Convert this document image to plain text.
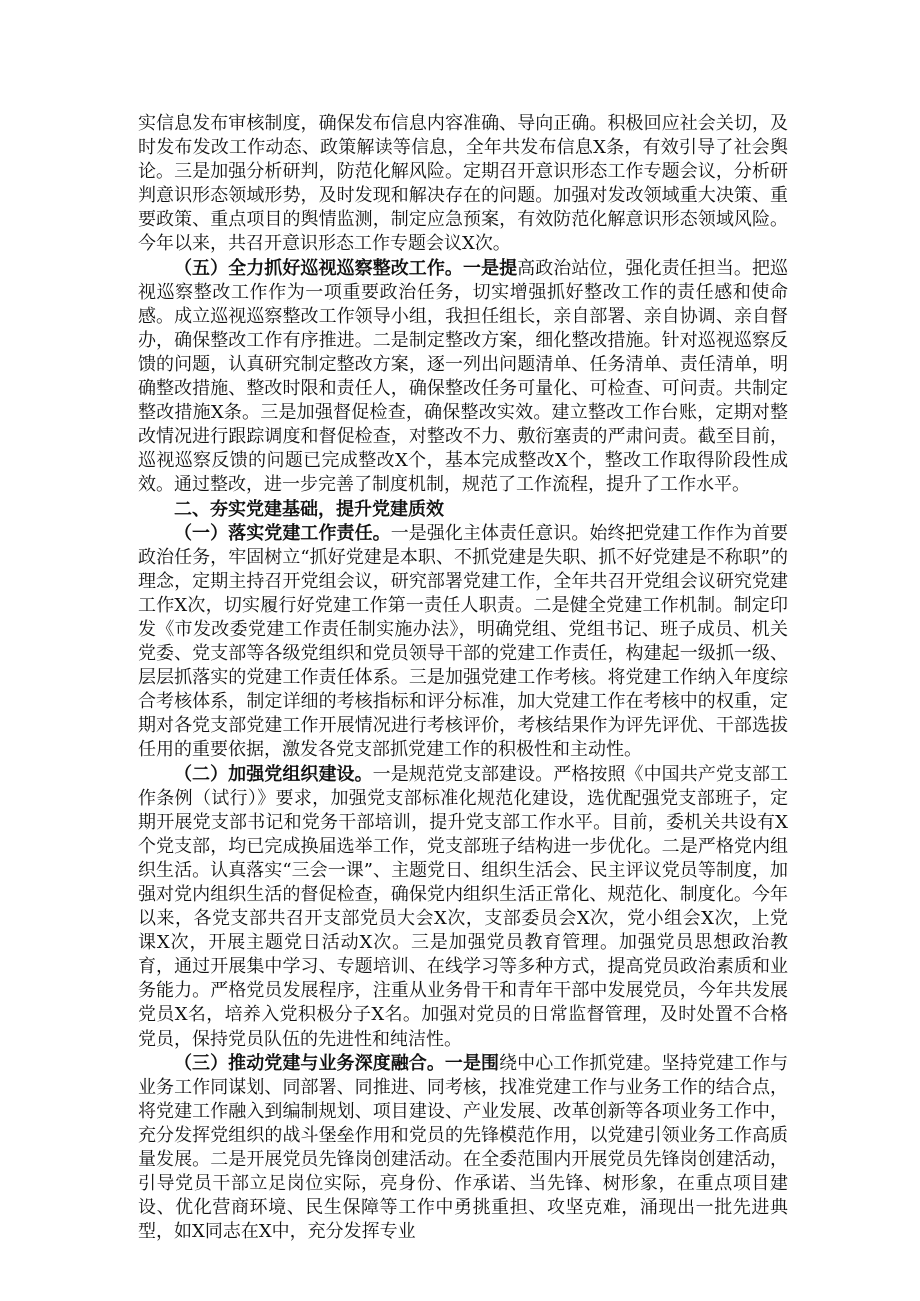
实信息发布审核制度，确保发布信息内容准确、导向正确。积极回应社会关切，及时发布发改工作动态、政策解读等信息，全年共发布信息X条，有效引导了社会舆论。三是加强分析研判，防范化解风险。定期召开意识形态工作专题会议，分析研判意识形态领域形势，及时发现和解决存在的问题。加强对发改领域重大决策、重要政策、重点项目的舆情监测，制定应急预案，有效防范化解意识形态领域风险。今年以来，共召开意识形态工作专题会议X次。

（五）全力抓好巡视巡察整改工作。一是提高政治站位，强化责任担当。把巡视巡察整改工作作为一项重要政治任务，切实增强抓好整改工作的责任感和使命感。成立巡视巡察整改工作领导小组，我担任组长，亲自部署、亲自协调、亲自督办，确保整改工作有序推进。二是制定整改方案，细化整改措施。针对巡视巡察反馈的问题，认真研究制定整改方案，逐一列出问题清单、任务清单、责任清单，明确整改措施、整改时限和责任人，确保整改任务可量化、可检查、可问责。共制定整改措施X条。三是加强督促检查，确保整改实效。建立整改工作台账，定期对整改情况进行跟踪调度和督促检查，对整改不力、敷衍塞责的严肃问责。截至目前，巡视巡察反馈的问题已完成整改X个，基本完成整改X个，整改工作取得阶段性成效。通过整改，进一步完善了制度机制，规范了工作流程，提升了工作水平。

二、夯实党建基础，提升党建质效

（一）落实党建工作责任。一是强化主体责任意识。始终把党建工作作为首要政治任务，牢固树立“抓好党建是本职、不抓党建是失职、抓不好党建是不称职”的理念，定期主持召开党组会议，研究部署党建工作，全年共召开党组会议研究党建工作X次，切实履行好党建工作第一责任人职责。二是健全党建工作机制。制定印发《市发改委党建工作责任制实施办法》，明确党组、党组书记、班子成员、机关党委、党支部等各级党组织和党员领导干部的党建工作责任，构建起一级抓一级、层层抓落实的党建工作责任体系。三是加强党建工作考核。将党建工作纳入年度综合考核体系，制定详细的考核指标和评分标准，加大党建工作在考核中的权重，定期对各党支部党建工作开展情况进行考核评价，考核结果作为评先评优、干部选拔任用的重要依据，激发各党支部抓党建工作的积极性和主动性。

（二）加强党组织建设。一是规范党支部建设。严格按照《中国共产党支部工作条例（试行）》要求，加强党支部标准化规范化建设，选优配强党支部班子，定期开展党支部书记和党务干部培训，提升党支部工作水平。目前，委机关共设有X个党支部，均已完成换届选举工作，党支部班子结构进一步优化。二是严格党内组织生活。认真落实“三会一课”、主题党日、组织生活会、民主评议党员等制度，加强对党内组织生活的督促检查，确保党内组织生活正常化、规范化、制度化。今年以来，各党支部共召开支部党员大会X次，支部委员会X次，党小组会X次，上党课X次，开展主题党日活动X次。三是加强党员教育管理。加强党员思想政治教育，通过开展集中学习、专题培训、在线学习等多种方式，提高党员政治素质和业务能力。严格党员发展程序，注重从业务骨干和青年干部中发展党员，今年共发展党员X名，培养入党积极分子X名。加强对党员的日常监督管理，及时处置不合格党员，保持党员队伍的先进性和纯洁性。

（三）推动党建与业务深度融合。一是围绕中心工作抓党建。坚持党建工作与业务工作同谋划、同部署、同推进、同考核，找准党建工作与业务工作的结合点，将党建工作融入到编制规划、项目建设、产业发展、改革创新等各项业务工作中，充分发挥党组织的战斗堡垒作用和党员的先锋模范作用，以党建引领业务工作高质量发展。二是开展党员先锋岗创建活动。在全委范围内开展党员先锋岗创建活动，引导党员干部立足岗位实际，亮身份、作承诺、当先锋、树形象，在重点项目建设、优化营商环境、民生保障等工作中勇挑重担、攻坚克难，涌现出一批先进典型，如X同志在X中，充分发挥专业
